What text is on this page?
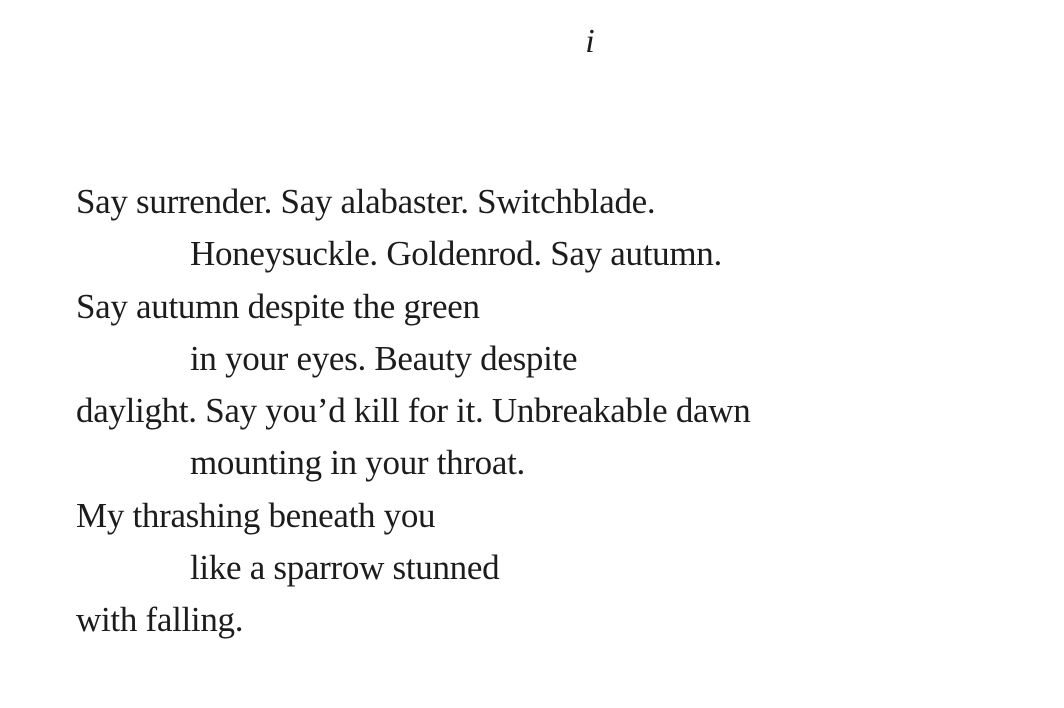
i
Say surrender. Say alabaster. Switchblade.
Honeysuckle. Goldenrod. Say autumn.
Say autumn despite the green
in your eyes. Beauty despite
daylight. Say you’d kill for it. Unbreakable dawn
mounting in your throat.
My thrashing beneath you
like a sparrow stunned
with falling.
